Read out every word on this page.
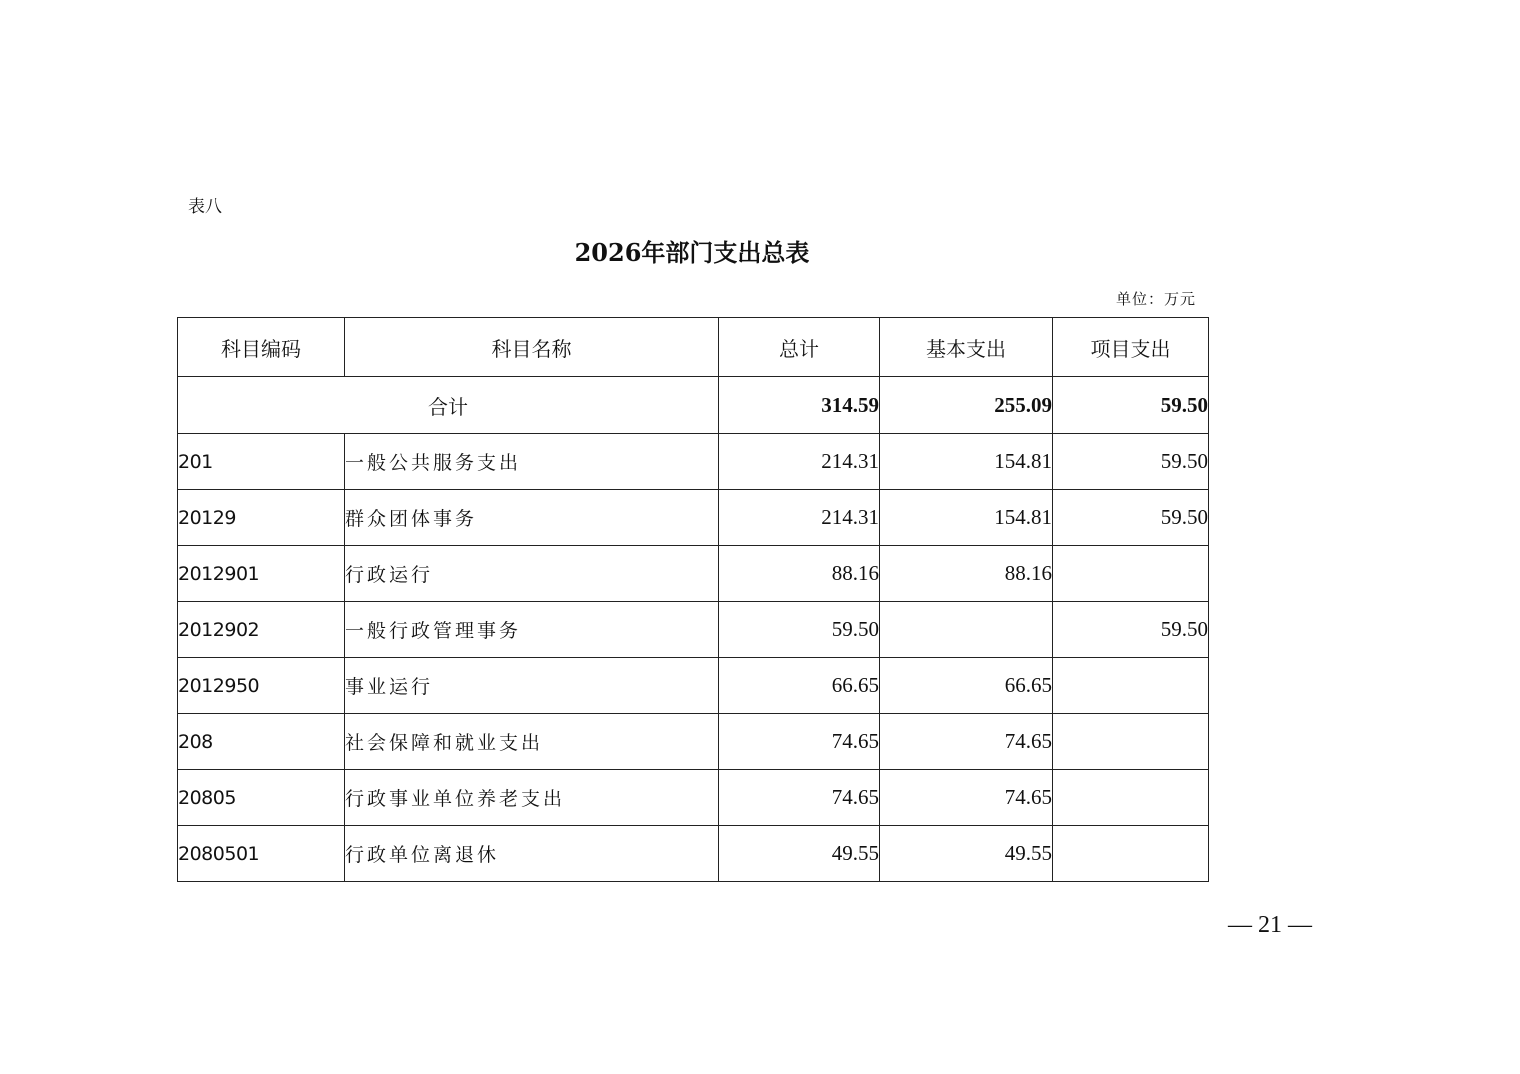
表八
2026年部门支出总表
单位：万元
科目编码	科目名称	总计	基本支出	项目支出
合计		314.59	255.09	59.50
201	一般公共服务支出	214.31	154.81	59.50
20129	群众团体事务	214.31	154.81	59.50
2012901	行政运行	88.16	88.16	
2012902	一般行政管理事务	59.50		59.50
2012950	事业运行	66.65	66.65	
208	社会保障和就业支出	74.65	74.65	
20805	行政事业单位养老支出	74.65	74.65	
2080501	行政单位离退休	49.55	49.55	
— 21 —
